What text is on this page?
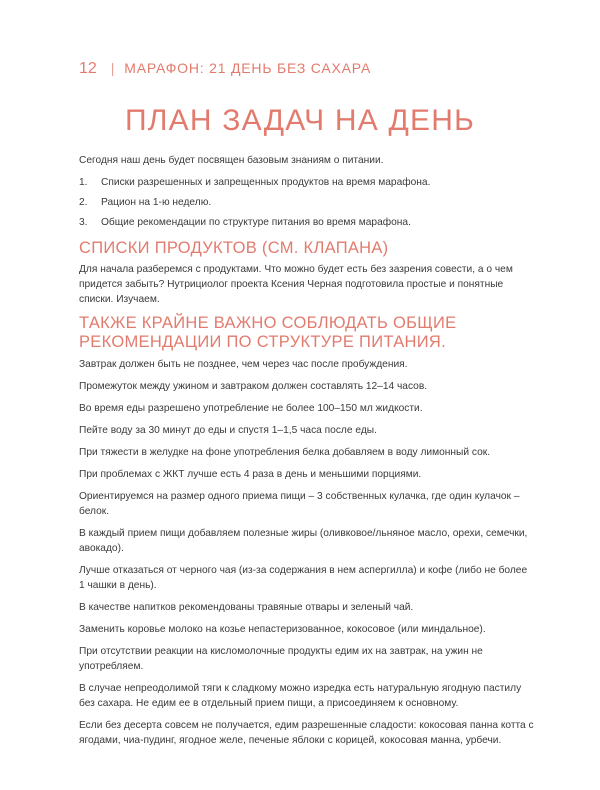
12 | МАРАФОН: 21 ДЕНЬ БЕЗ САХАРА
ПЛАН ЗАДАЧ НА ДЕНЬ

Сегодня наш день будет посвящен базовым знаниям о питании.

1.	Списки разрешенных и запрещенных продуктов на время марафона.
2.	Рацион на 1-ю неделю.
3.	Общие рекомендации по структуре питания во время марафона.
СПИСКИ ПРОДУКТОВ (СМ. КЛАПАНА)

Для начала разберемся с продуктами. Что можно будет есть без зазрения совести, а о чем придется забыть? Нутрициолог проекта Ксения Черная подготовила простые и понятные списки. Изучаем.

ТАКЖЕ КРАЙНЕ ВАЖНО СОБЛЮДАТЬ ОБЩИЕ РЕКОМЕНДАЦИИ ПО СТРУКТУРЕ ПИТАНИЯ.

Завтрак должен быть не позднее, чем через час после пробуждения.

Промежуток между ужином и завтраком должен составлять 12–14 часов.

Во время еды разрешено употребление не более 100–150 мл жидкости.

Пейте воду за 30 минут до еды и спустя 1–1,5 часа после еды.

При тяжести в желудке на фоне употребления белка добавляем в воду лимонный сок.

При проблемах с ЖКТ лучше есть 4 раза в день и меньшими порциями.

Ориентируемся на размер одного приема пищи – 3 собственных кулачка, где один кулачок – белок.

В каждый прием пищи добавляем полезные жиры (оливковое/льняное масло, орехи, семечки, авокадо).

Лучше отказаться от черного чая (из-за содержания в нем аспергилла) и кофе (либо не более 1 чашки в день).

В качестве напитков рекомендованы травяные отвары и зеленый чай.

Заменить коровье молоко на козье непастеризованное, кокосовое (или миндальное).

При отсутствии реакции на кисломолочные продукты едим их на завтрак, на ужин не употребляем.

В случае непреодолимой тяги к сладкому можно изредка есть натуральную ягодную пастилу без сахара. Не едим ее в отдельный прием пищи, а присоединяем к основному.

Если без десерта совсем не получается, едим разрешенные сладости: кокосовая панна котта с ягодами, чиа-пудинг, ягодное желе, печеные яблоки с корицей, кокосовая манна, урбечи.
